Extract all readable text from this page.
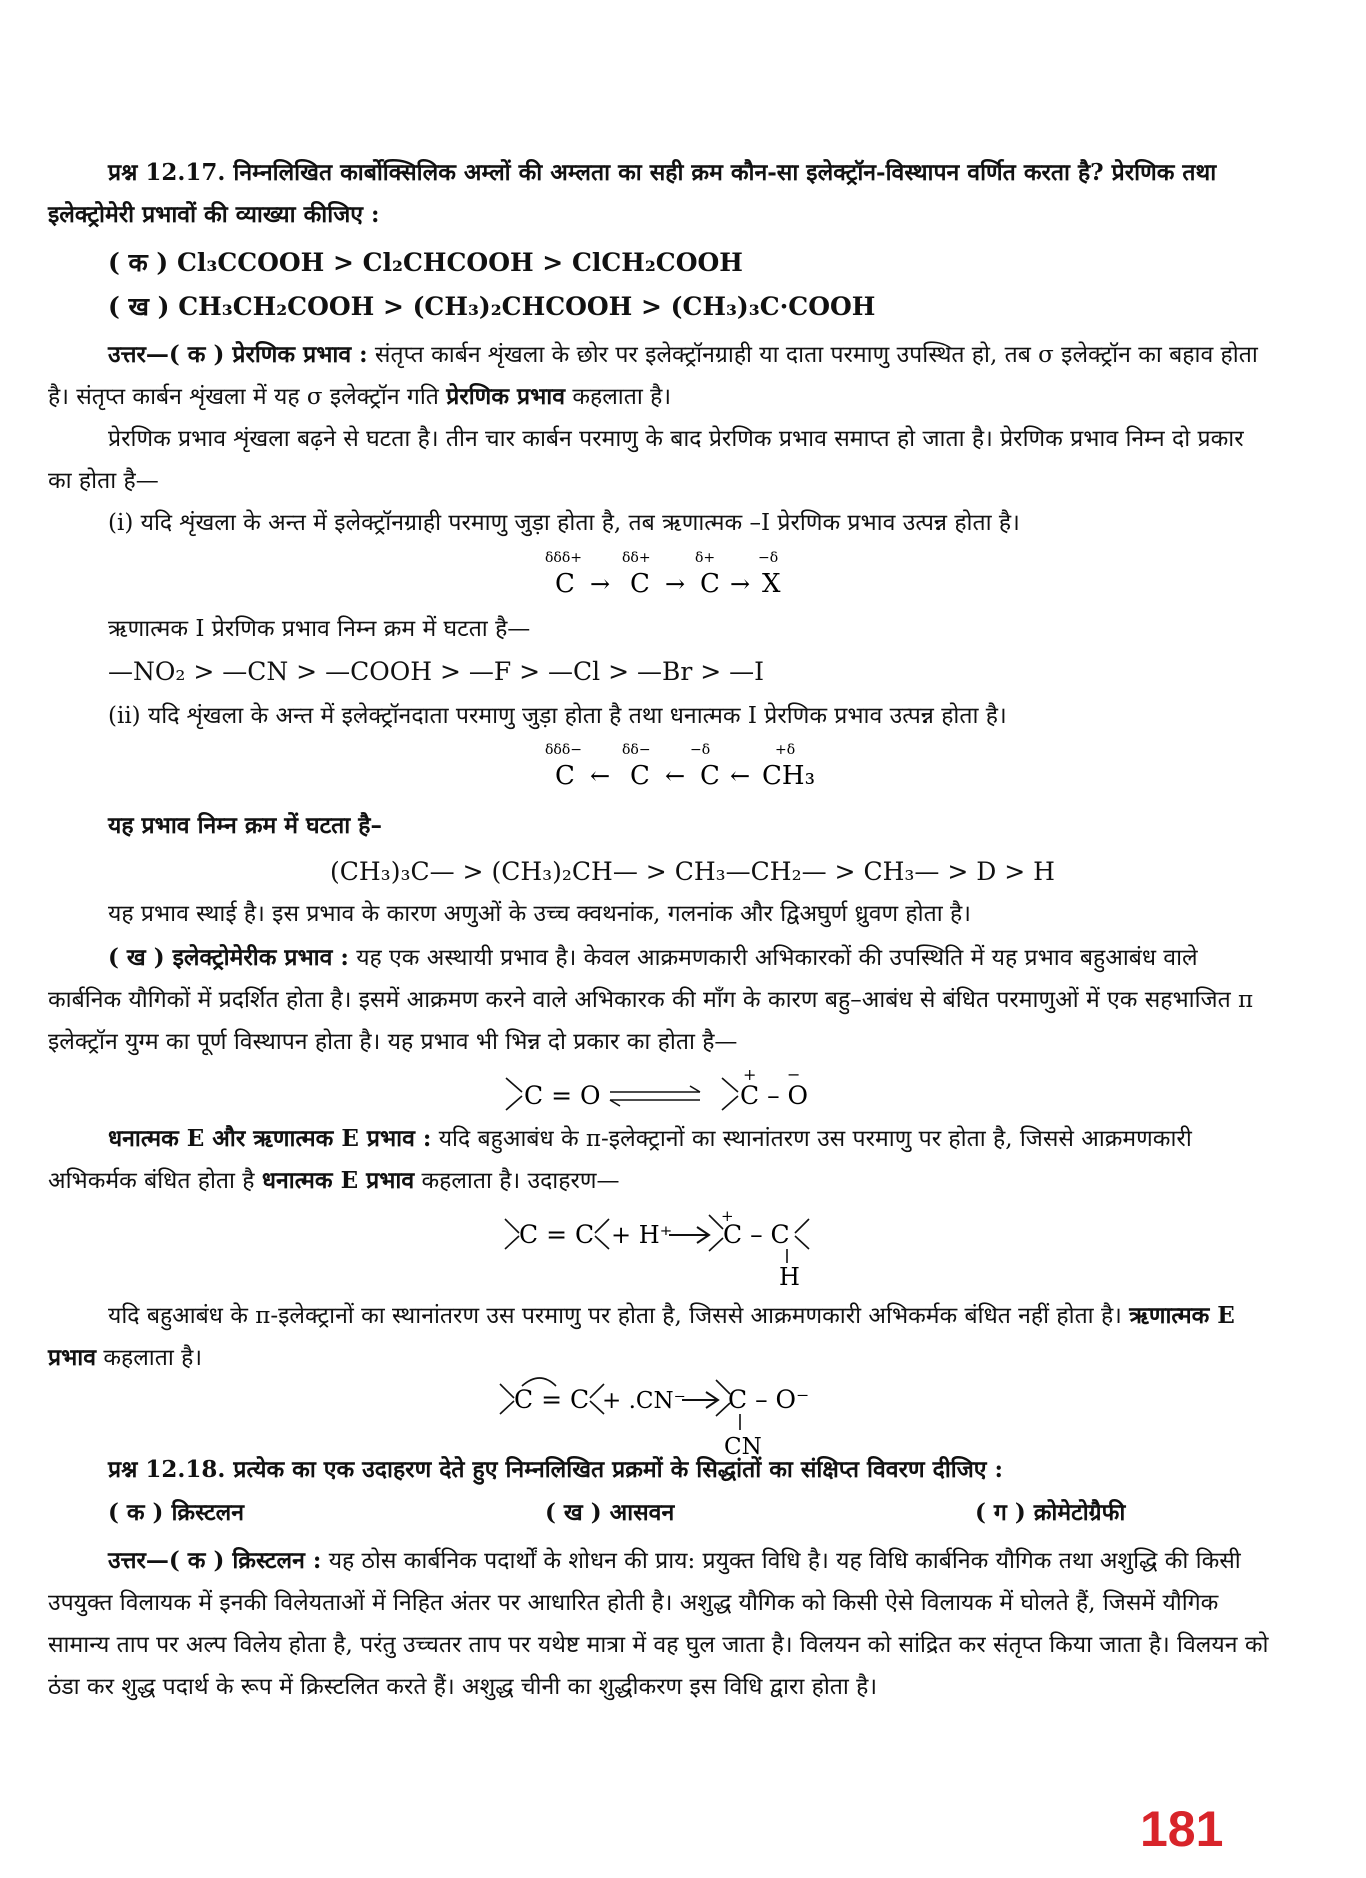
प्रश्न 12.17. निम्नलिखित कार्बोक्सिलिक अम्लों की अम्लता का सही क्रम कौन-सा इलेक्ट्रॉन-विस्थापन वर्णित करता है? प्रेरणिक तथा इलेक्ट्रोमेरी प्रभावों की व्याख्या कीजिए :
( क ) Cl₃CCOOH > Cl₂CHCOOH > ClCH₂COOH
( ख ) CH₃CH₂COOH > (CH₃)₂CHCOOH > (CH₃)₃C·COOH
उत्तर—( क ) प्रेरणिक प्रभाव : संतृप्त कार्बन शृंखला के छोर पर इलेक्ट्रॉनग्राही या दाता परमाणु उपस्थित हो, तब σ इलेक्ट्रॉन का बहाव होता है। संतृप्त कार्बन शृंखला में यह σ इलेक्ट्रॉन गति प्रेरणिक प्रभाव कहलाता है।
प्रेरणिक प्रभाव शृंखला बढ़ने से घटता है। तीन चार कार्बन परमाणु के बाद प्रेरणिक प्रभाव समाप्त हो जाता है। प्रेरणिक प्रभाव निम्न दो प्रकार का होता है—
(i) यदि शृंखला के अन्त में इलेक्ट्रॉनग्राही परमाणु जुड़ा होता है, तब ऋणात्मक –I प्रेरणिक प्रभाव उत्पन्न होता है।
δδδ+	δδ+	δ+	−δ
C → C → C → X
ऋणात्मक I प्रेरणिक प्रभाव निम्न क्रम में घटता है—
—NO₂ > —CN > —COOH > —F > —Cl > —Br > —I
(ii) यदि शृंखला के अन्त में इलेक्ट्रॉनदाता परमाणु जुड़ा होता है तथा धनात्मक I प्रेरणिक प्रभाव उत्पन्न होता है।
δδδ−	δδ−	−δ	+δ
C ← C ← C ← CH₃
यह प्रभाव निम्न क्रम में घटता है–
(CH₃)₃C— > (CH₃)₂CH— > CH₃—CH₂— > CH₃— > D > H
यह प्रभाव स्थाई है। इस प्रभाव के कारण अणुओं के उच्च क्वथनांक, गलनांक और द्विअघुर्ण ध्रुवण होता है।
( ख ) इलेक्ट्रोमेरीक प्रभाव : यह एक अस्थायी प्रभाव है। केवल आक्रमणकारी अभिकारकों की उपस्थिति में यह प्रभाव बहुआबंध वाले कार्बनिक यौगिकों में प्रदर्शित होता है। इसमें आक्रमण करने वाले अभिकारक की माँग के कारण बहु–आबंध से बंधित परमाणुओं में एक सहभाजित π इलेक्ट्रॉन युग्म का पूर्ण विस्थापन होता है। यह प्रभाव भी भिन्न दो प्रकार का होता है—
C = O
+ −
C – O
धनात्मक E और ऋणात्मक E प्रभाव : यदि बहुआबंध के π-इलेक्ट्रानों का स्थानांतरण उस परमाणु पर होता है, जिससे आक्रमणकारी अभिकर्मक बंधित होता है धनात्मक E प्रभाव कहलाता है। उदाहरण—
C = C + H⁺
+
C – C
H
यदि बहुआबंध के π-इलेक्ट्रानों का स्थानांतरण उस परमाणु पर होता है, जिससे आक्रमणकारी अभिकर्मक बंधित नहीं होता है। ऋणात्मक E प्रभाव कहलाता है।
C = C + .CN⁻ C – O⁻
CN
प्रश्न 12.18. प्रत्येक का एक उदाहरण देते हुए निम्नलिखित प्रक्रमों के सिद्धांतों का संक्षिप्त विवरण दीजिए :
( क ) क्रिस्टलन	( ख ) आसवन	( ग ) क्रोमेटोग्रैफी
उत्तर—( क ) क्रिस्टलन : यह ठोस कार्बनिक पदार्थों के शोधन की प्राय: प्रयुक्त विधि है। यह विधि कार्बनिक यौगिक तथा अशुद्धि की किसी उपयुक्त विलायक में इनकी विलेयताओं में निहित अंतर पर आधारित होती है। अशुद्ध यौगिक को किसी ऐसे विलायक में घोलते हैं, जिसमें यौगिक सामान्य ताप पर अल्प विलेय होता है, परंतु उच्चतर ताप पर यथेष्ट मात्रा में वह घुल जाता है। विलयन को सांद्रित कर संतृप्त किया जाता है। विलयन को ठंडा कर शुद्ध पदार्थ के रूप में क्रिस्टलित करते हैं। अशुद्ध चीनी का शुद्धीकरण इस विधि द्वारा होता है।
181
